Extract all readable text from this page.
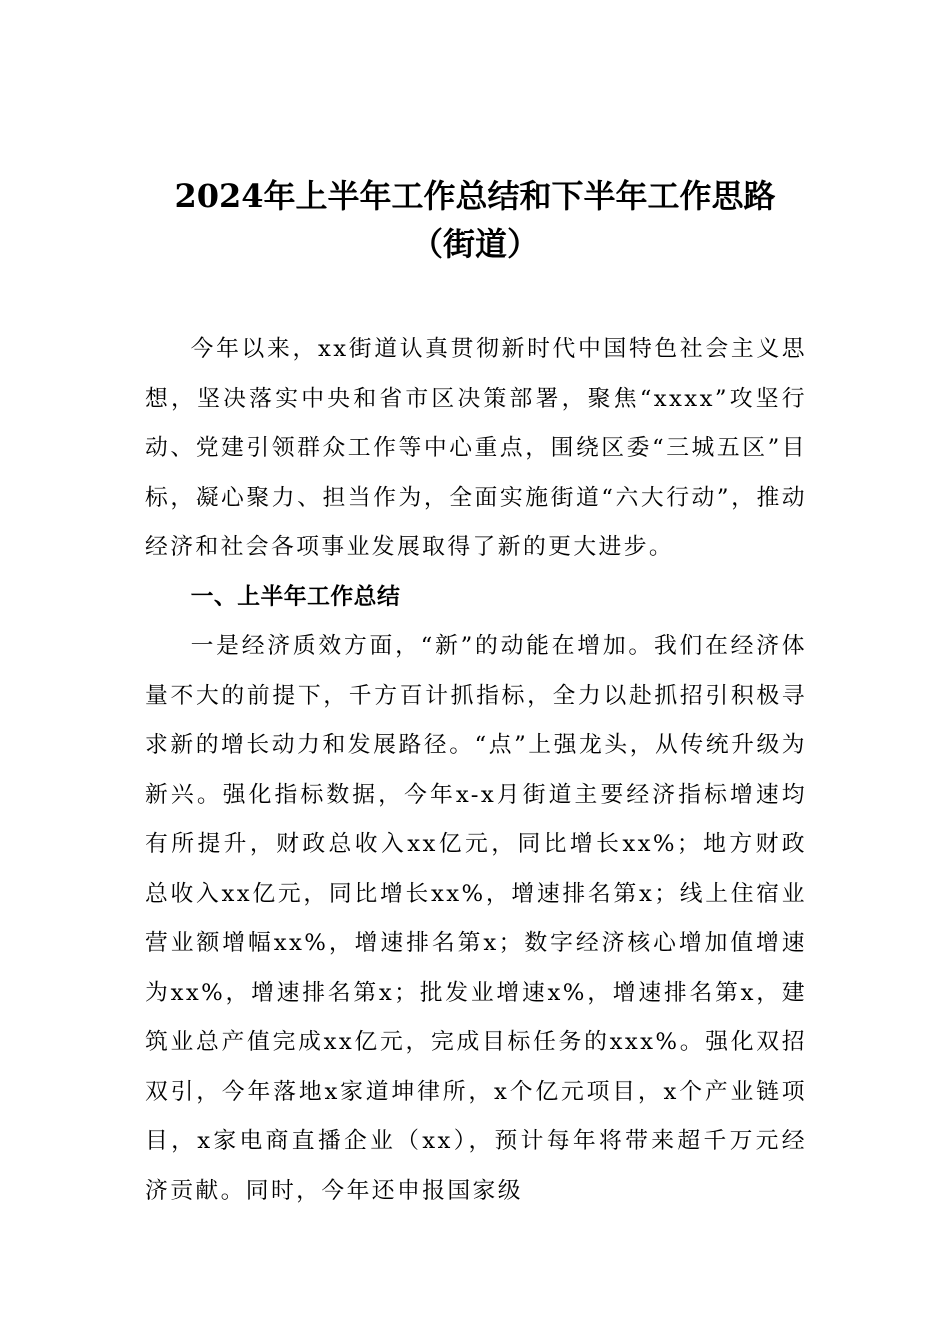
2024年上半年工作总结和下半年工作思路
（街道）

今年以来，xx街道认真贯彻新时代中国特色社会主义思想，坚决落实中央和省市区决策部署，聚焦“xxxx”攻坚行动、党建引领群众工作等中心重点，围绕区委“三城五区”目标，凝心聚力、担当作为，全面实施街道“六大行动”，推动经济和社会各项事业发展取得了新的更大进步。

一、上半年工作总结

一是经济质效方面，“新”的动能在增加。我们在经济体量不大的前提下，千方百计抓指标，全力以赴抓招引积极寻求新的增长动力和发展路径。“点”上强龙头，从传统升级为新兴。强化指标数据，今年x-x月街道主要经济指标增速均有所提升，财政总收入xx亿元，同比增长xx%；地方财政总收入xx亿元，同比增长xx%，增速排名第x；线上住宿业营业额增幅xx%，增速排名第x；数字经济核心增加值增速为xx%，增速排名第x；批发业增速x%，增速排名第x，建筑业总产值完成xx亿元，完成目标任务的xxx%。强化双招双引，今年落地x家道坤律所，x个亿元项目，x个产业链项目，x家电商直播企业（xx），预计每年将带来超千万元经济贡献。同时，今年还申报国家级
